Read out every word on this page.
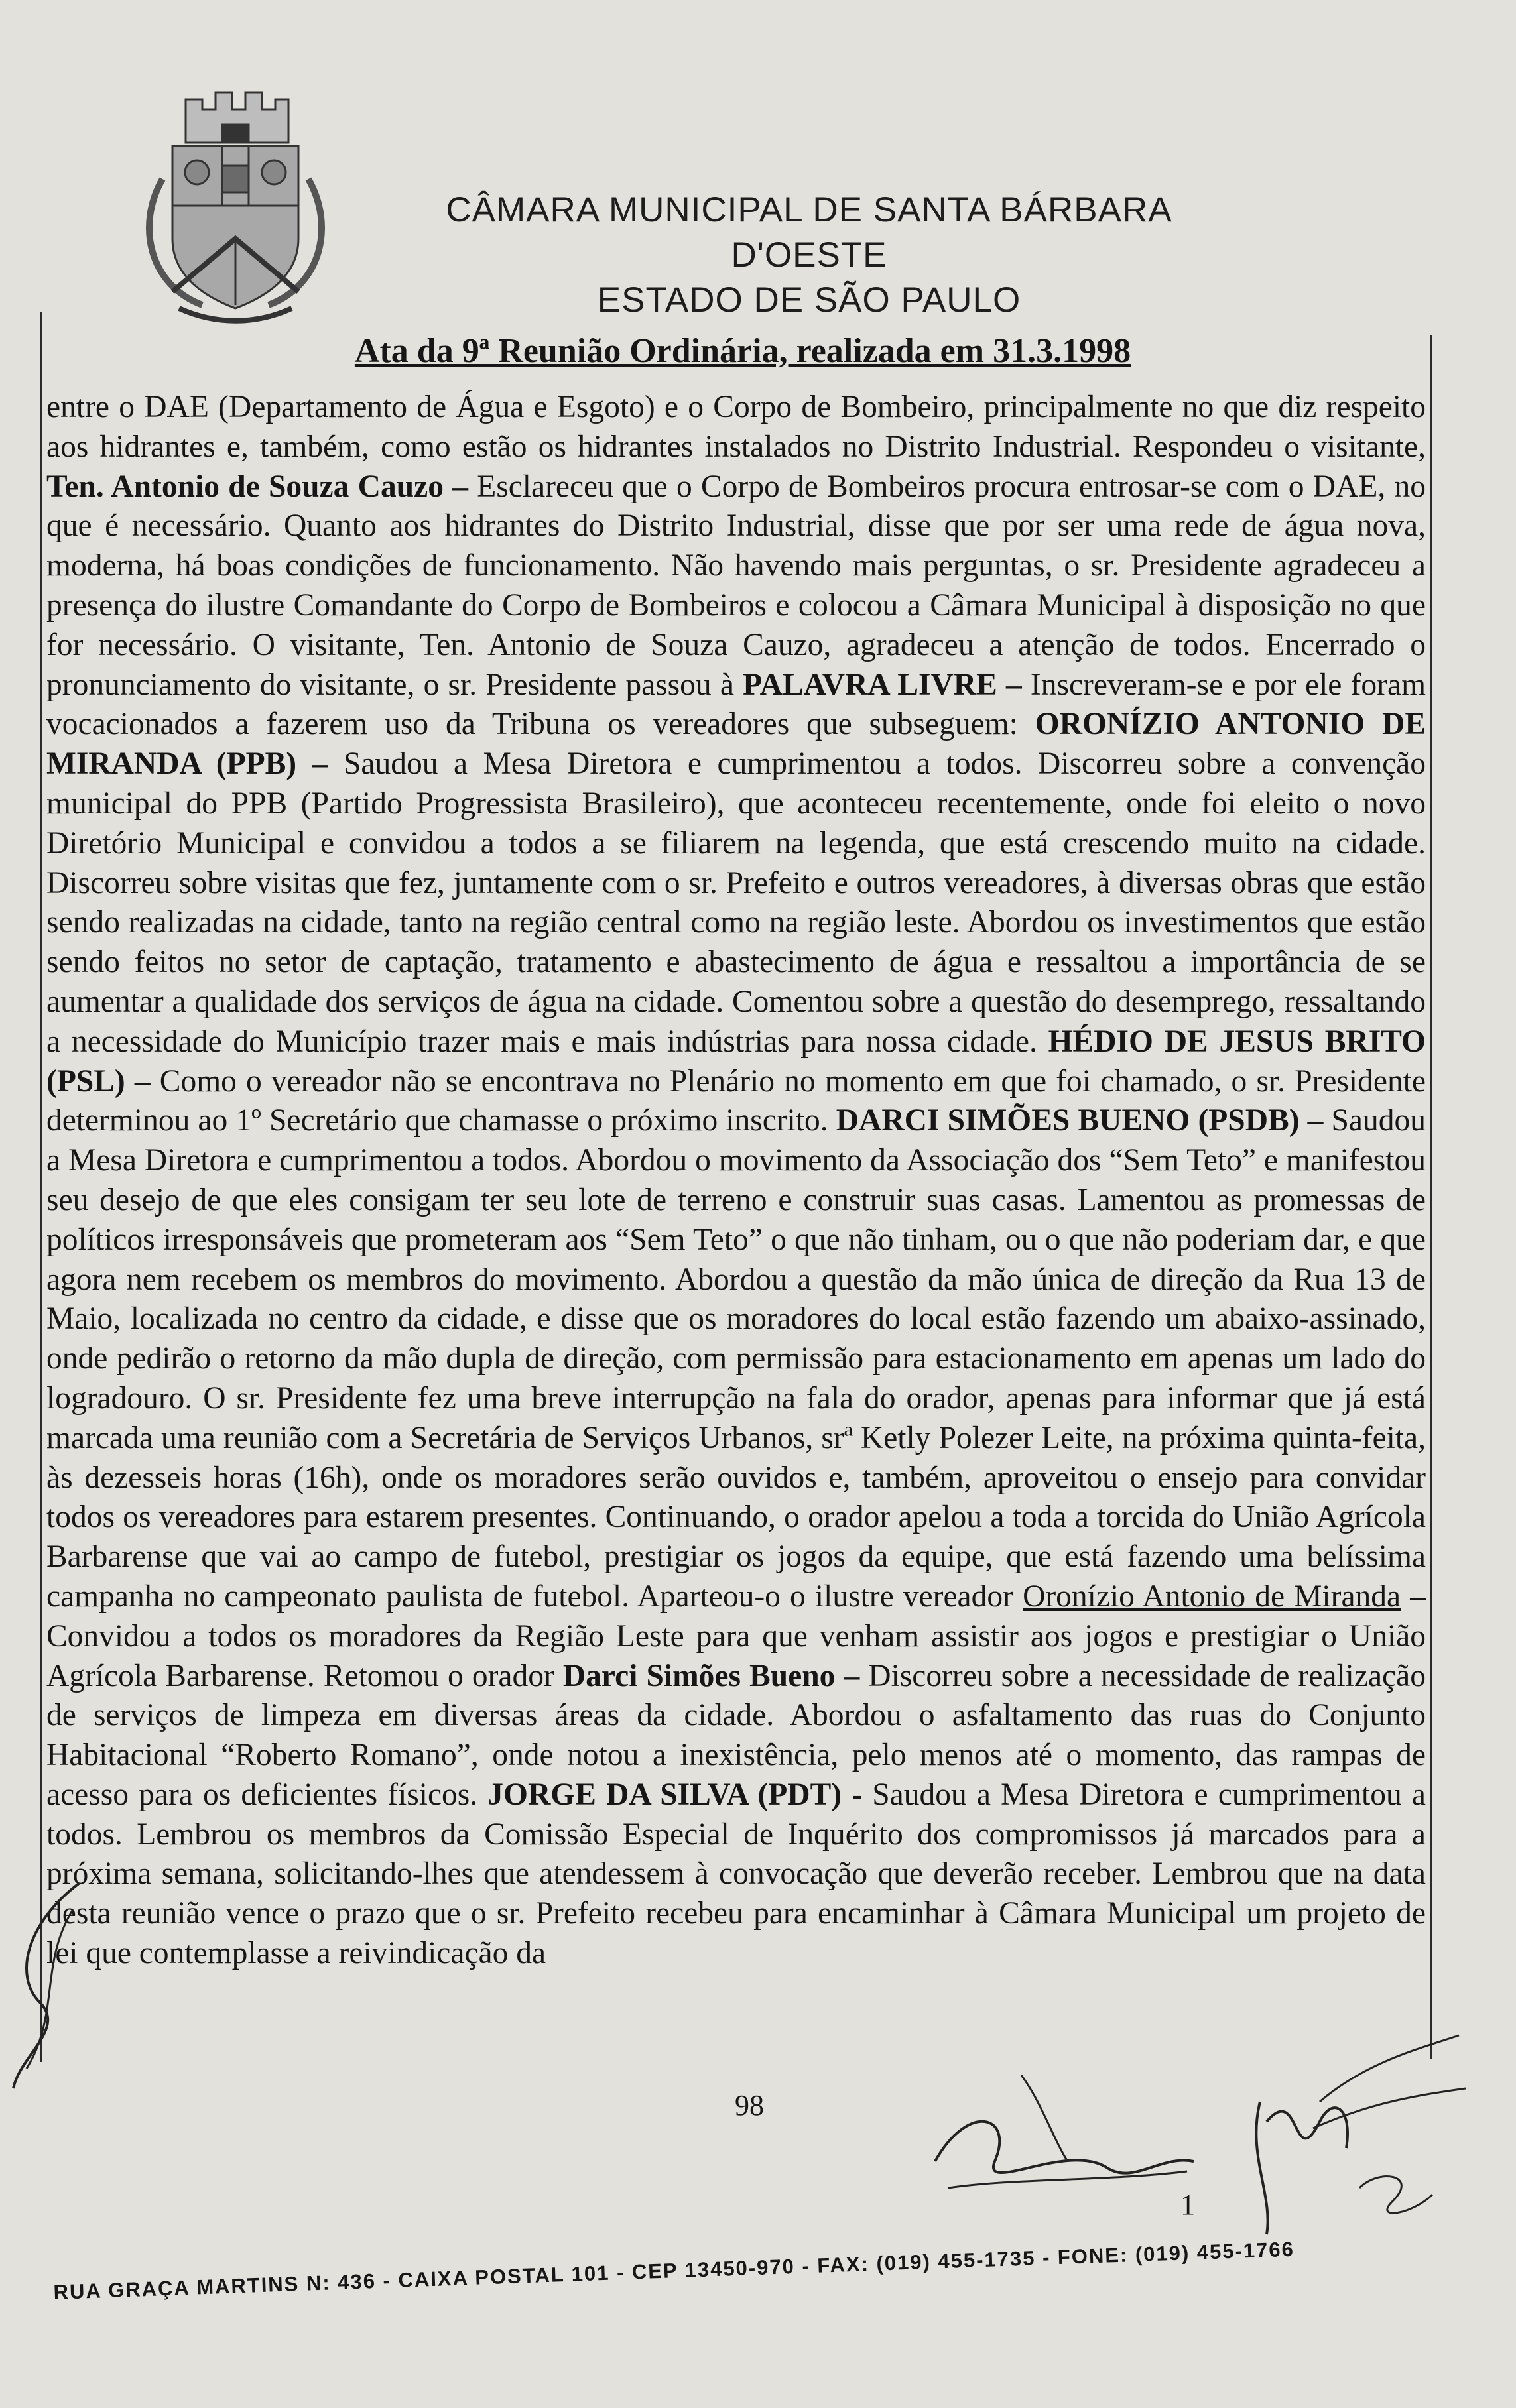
CÂMARA MUNICIPAL DE SANTA BÁRBARA D'OESTE
ESTADO DE SÃO PAULO
Ata da 9ª Reunião Ordinária, realizada em 31.3.1998

entre o DAE (Departamento de Água e Esgoto) e o Corpo de Bombeiro, principalmente no que diz respeito aos hidrantes e, também, como estão os hidrantes instalados no Distrito Industrial. Respondeu o visitante, Ten. Antonio de Souza Cauzo – Esclareceu que o Corpo de Bombeiros procura entrosar-se com o DAE, no que é necessário. Quanto aos hidrantes do Distrito Industrial, disse que por ser uma rede de água nova, moderna, há boas condições de funcionamento. Não havendo mais perguntas, o sr. Presidente agradeceu a presença do ilustre Comandante do Corpo de Bombeiros e colocou a Câmara Municipal à disposição no que for necessário. O visitante, Ten. Antonio de Souza Cauzo, agradeceu a atenção de todos. Encerrado o pronunciamento do visitante, o sr. Presidente passou à PALAVRA LIVRE – Inscreveram-se e por ele foram vocacionados a fazerem uso da Tribuna os vereadores que subseguem: ORONÍZIO ANTONIO DE MIRANDA (PPB) – Saudou a Mesa Diretora e cumprimentou a todos. Discorreu sobre a convenção municipal do PPB (Partido Progressista Brasileiro), que aconteceu recentemente, onde foi eleito o novo Diretório Municipal e convidou a todos a se filiarem na legenda, que está crescendo muito na cidade. Discorreu sobre visitas que fez, juntamente com o sr. Prefeito e outros vereadores, à diversas obras que estão sendo realizadas na cidade, tanto na região central como na região leste. Abordou os investimentos que estão sendo feitos no setor de captação, tratamento e abastecimento de água e ressaltou a importância de se aumentar a qualidade dos serviços de água na cidade. Comentou sobre a questão do desemprego, ressaltando a necessidade do Município trazer mais e mais indústrias para nossa cidade. HÉDIO DE JESUS BRITO (PSL) – Como o vereador não se encontrava no Plenário no momento em que foi chamado, o sr. Presidente determinou ao 1º Secretário que chamasse o próximo inscrito. DARCI SIMÕES BUENO (PSDB) – Saudou a Mesa Diretora e cumprimentou a todos. Abordou o movimento da Associação dos “Sem Teto” e manifestou seu desejo de que eles consigam ter seu lote de terreno e construir suas casas. Lamentou as promessas de políticos irresponsáveis que prometeram aos “Sem Teto” o que não tinham, ou o que não poderiam dar, e que agora nem recebem os membros do movimento. Abordou a questão da mão única de direção da Rua 13 de Maio, localizada no centro da cidade, e disse que os moradores do local estão fazendo um abaixo-assinado, onde pedirão o retorno da mão dupla de direção, com permissão para estacionamento em apenas um lado do logradouro. O sr. Presidente fez uma breve interrupção na fala do orador, apenas para informar que já está marcada uma reunião com a Secretária de Serviços Urbanos, srª Ketly Polezer Leite, na próxima quinta-feita, às dezesseis horas (16h), onde os moradores serão ouvidos e, também, aproveitou o ensejo para convidar todos os vereadores para estarem presentes. Continuando, o orador apelou a toda a torcida do União Agrícola Barbarense que vai ao campo de futebol, prestigiar os jogos da equipe, que está fazendo uma belíssima campanha no campeonato paulista de futebol. Aparteou-o o ilustre vereador Oronízio Antonio de Miranda – Convidou a todos os moradores da Região Leste para que venham assistir aos jogos e prestigiar o União Agrícola Barbarense. Retomou o orador Darci Simões Bueno – Discorreu sobre a necessidade de realização de serviços de limpeza em diversas áreas da cidade. Abordou o asfaltamento das ruas do Conjunto Habitacional “Roberto Romano”, onde notou a inexistência, pelo menos até o momento, das rampas de acesso para os deficientes físicos. JORGE DA SILVA (PDT) - Saudou a Mesa Diretora e cumprimentou a todos. Lembrou os membros da Comissão Especial de Inquérito dos compromissos já marcados para a próxima semana, solicitando-lhes que atendessem à convocação que deverão receber. Lembrou que na data desta reunião vence o prazo que o sr. Prefeito recebeu para encaminhar à Câmara Municipal um projeto de lei que contemplasse a reivindicação da

98
1
RUA GRAÇA MARTINS N: 436 - CAIXA POSTAL 101 - CEP 13450-970 - FAX: (019) 455-1735 - FONE: (019) 455-1766
